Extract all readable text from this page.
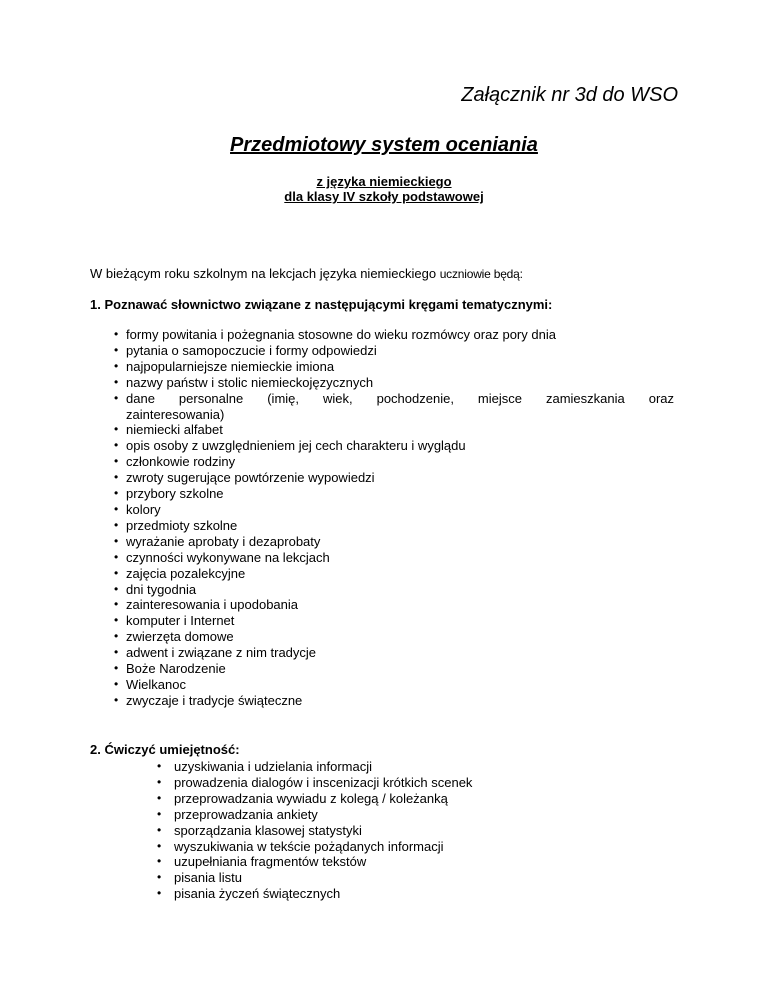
Załącznik nr 3d do WSO
Przedmiotowy system oceniania
z języka niemieckiego
dla klasy IV szkoły podstawowej
W bieżącym roku szkolnym na lekcjach języka niemieckiego uczniowie będą:
1. Poznawać słownictwo związane z następującymi kręgami tematycznymi:
• formy powitania i pożegnania stosowne do wieku rozmówcy oraz pory dnia
• pytania o samopoczucie i formy odpowiedzi
• najpopularniejsze niemieckie imiona
• nazwy państw i stolic niemieckojęzycznych
• dane personalne (imię, wiek, pochodzenie, miejsce zamieszkania oraz
zainteresowania)
• niemiecki alfabet
• opis osoby z uwzględnieniem jej cech charakteru i wyglądu
• członkowie rodziny
• zwroty sugerujące powtórzenie wypowiedzi
• przybory szkolne
• kolory
• przedmioty szkolne
• wyrażanie aprobaty i dezaprobaty
• czynności wykonywane na lekcjach
• zajęcia pozalekcyjne
• dni tygodnia
• zainteresowania i upodobania
• komputer i Internet
• zwierzęta domowe
• adwent i związane z nim tradycje
• Boże Narodzenie
• Wielkanoc
• zwyczaje i tradycje świąteczne
2. Ćwiczyć umiejętność:
• uzyskiwania i udzielania informacji
• prowadzenia dialogów i inscenizacji krótkich scenek
• przeprowadzania wywiadu z kolegą / koleżanką
• przeprowadzania ankiety
• sporządzania klasowej statystyki
• wyszukiwania w tekście pożądanych informacji
• uzupełniania fragmentów tekstów
• pisania listu
• pisania życzeń świątecznych
